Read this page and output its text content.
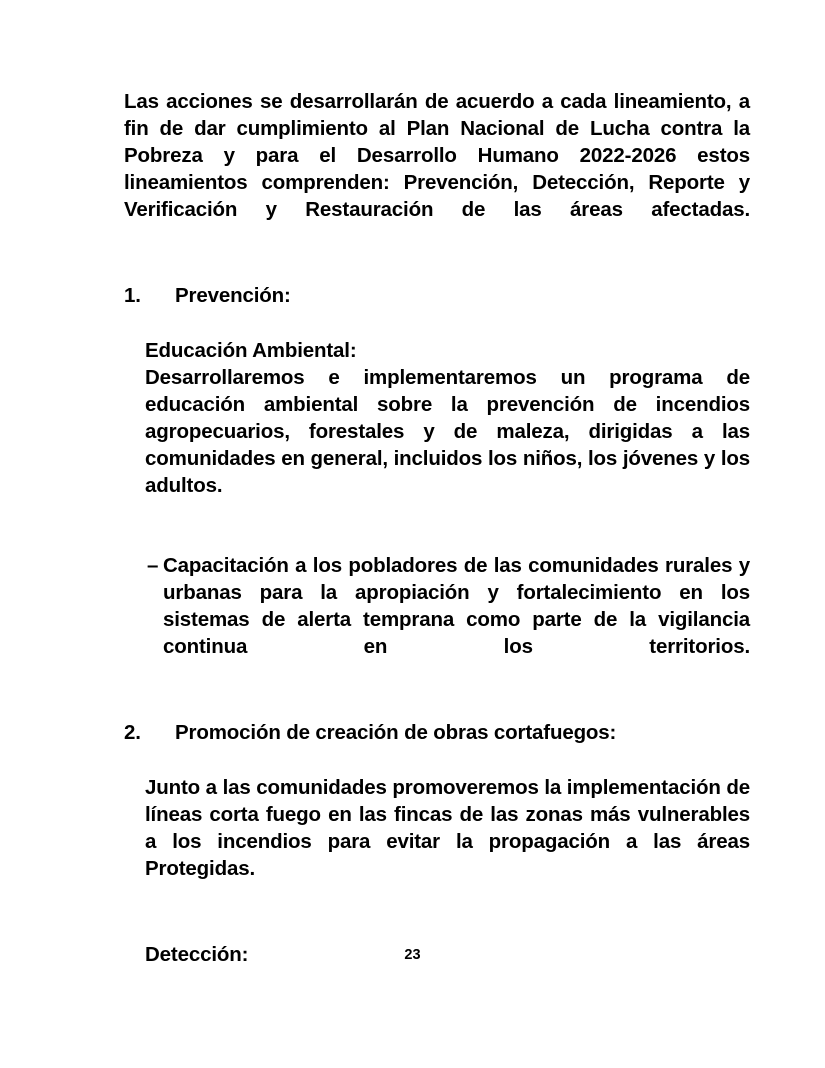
Las acciones se desarrollarán de acuerdo a cada lineamiento, a fin de dar cumplimiento al Plan Nacional de Lucha contra la Pobreza y para el Desarrollo Humano 2022-2026 estos lineamientos comprenden: Prevención, Detección, Reporte y Verificación y Restauración de las áreas afectadas.

1. Prevención:

Educación Ambiental:

Desarrollaremos e implementaremos un programa de educación ambiental sobre la prevención de incendios agropecuarios, forestales y de maleza, dirigidas a las comunidades en general, incluidos los niños, los jóvenes y los adultos.

– Capacitación a los pobladores de las comunidades rurales y urbanas para la apropiación y fortalecimiento en los sistemas de alerta temprana como parte de la vigilancia continua en los territorios.
2. Promoción de creación de obras cortafuegos:

Junto a las comunidades promoveremos la implementación de líneas corta fuego en las fincas de las zonas más vulnerables a los incendios para evitar la propagación a las áreas Protegidas.

Detección:	23
